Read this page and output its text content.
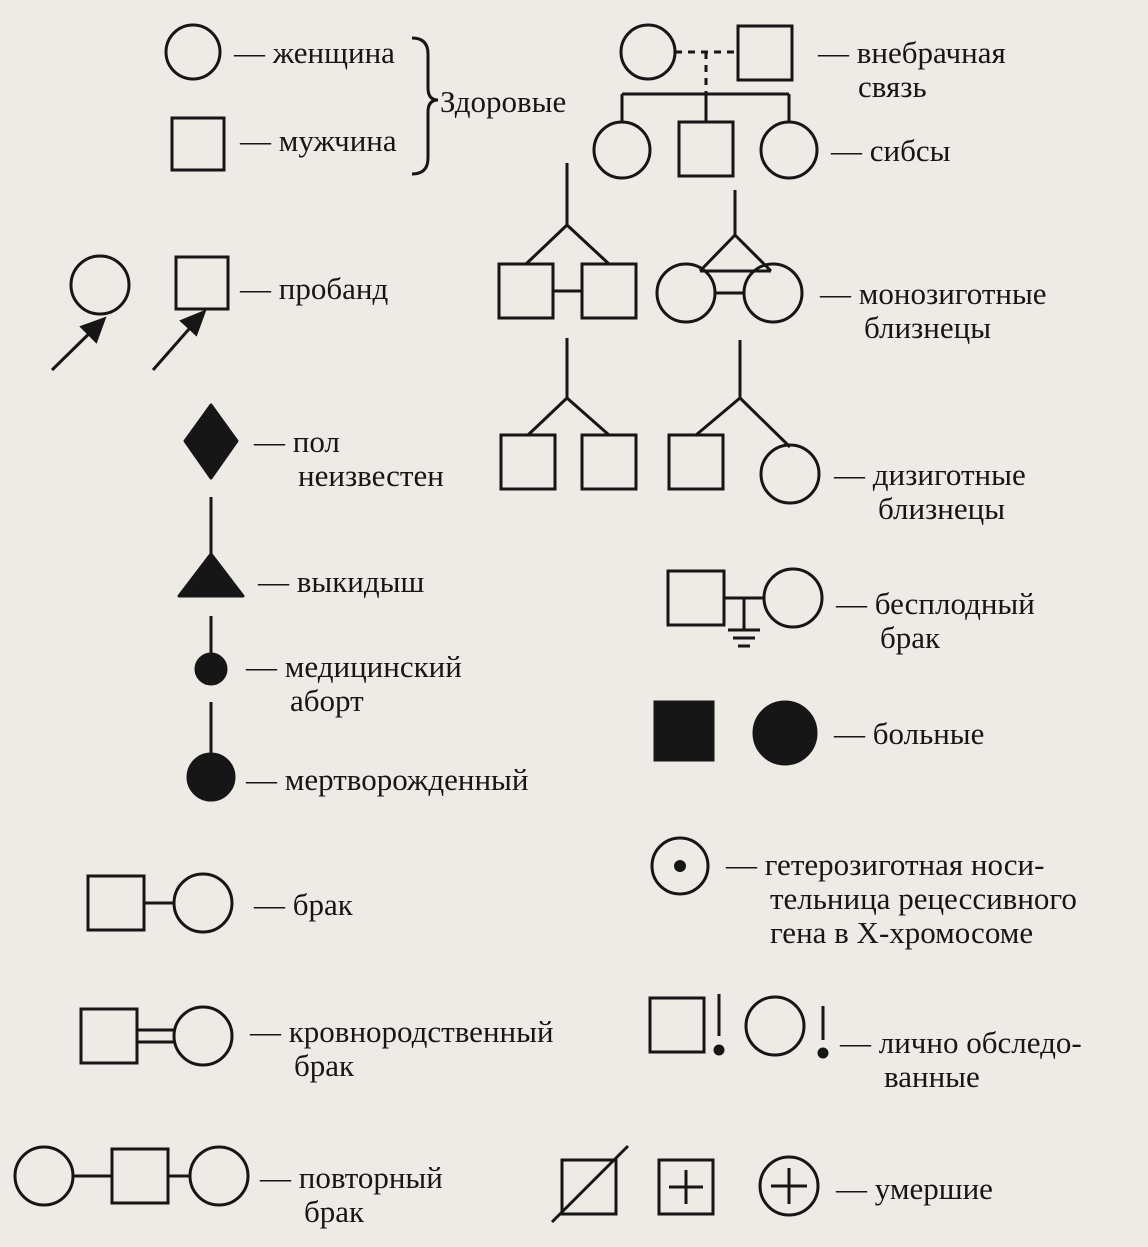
— женщина
— мужчина
Здоровые
— внебрачная
связь
— сибсы
— пробанд	— монозиготные
близнецы
— пол
неизвестен	— дизиготные
близнецы
— выкидыш
— бесплодный
брак
— медицинский
аборт
— больные
— мертворожденный
— брак
— гетерозиготная носи-
тельница рецессивного
гена в Х-хромосоме
— кровнородственный
брак
— лично обследо-
ванные
— повторный
брак
— умершие
